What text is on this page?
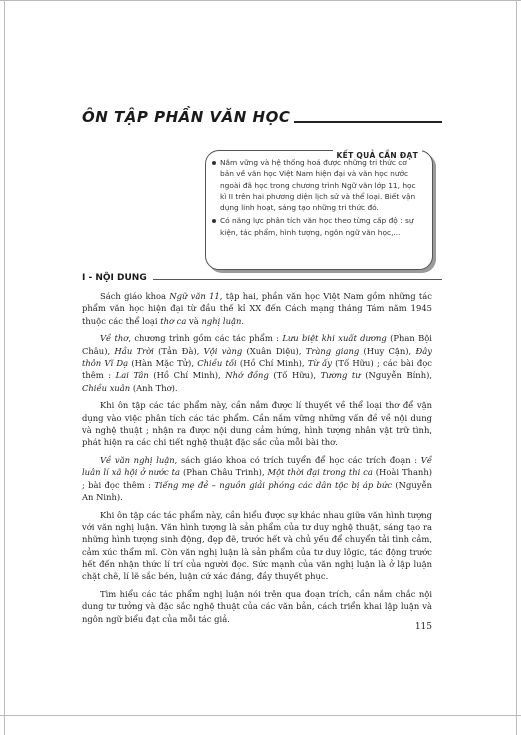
ÔN TẬP PHẦN VĂN HỌC
KẾT QUẢ CẦN ĐẠT
Nắm vững và hệ thống hoá được những tri thức cơ bản về văn học Việt Nam hiện đại và văn học nước ngoài đã học trong chương trình Ngữ văn lớp 11, học kì II trên hai phương diện lịch sử và thể loại. Biết vận dụng linh hoạt, sáng tạo những tri thức đó.
Có năng lực phân tích văn học theo từng cấp độ : sự kiện, tác phẩm, hình tượng, ngôn ngữ văn học,...
I - NỘI DUNG

Sách giáo khoa Ngữ văn 11, tập hai, phần văn học Việt Nam gồm những tác phẩm văn học hiện đại từ đầu thế kỉ XX đến Cách mạng tháng Tám năm 1945 thuộc các thể loại thơ ca và nghị luận.

Về thơ, chương trình gồm các tác phẩm : Lưu biệt khi xuất dương (Phan Bội Châu), Hầu Trời (Tản Đà), Vội vàng (Xuân Diệu), Tràng giang (Huy Cận), Đây thôn Vĩ Dạ (Hàn Mặc Tử), Chiều tối (Hồ Chí Minh), Từ ấy (Tố Hữu) ; các bài đọc thêm : Lai Tân (Hồ Chí Minh), Nhớ đồng (Tố Hữu), Tương tư (Nguyễn Bính), Chiều xuân (Anh Thơ).

Khi ôn tập các tác phẩm này, cần nắm được lí thuyết về thể loại thơ để vận dụng vào việc phân tích các tác phẩm. Cần nắm vững những vấn đề về nội dung và nghệ thuật ; nhận ra được nội dung cảm hứng, hình tượng nhân vật trữ tình, phát hiện ra các chi tiết nghệ thuật đặc sắc của mỗi bài thơ.

Về văn nghị luận, sách giáo khoa có trích tuyển để học các trích đoạn : Về luân lí xã hội ở nước ta (Phan Châu Trinh), Một thời đại trong thi ca (Hoài Thanh) ; bài đọc thêm : Tiếng mẹ đẻ – nguồn giải phóng các dân tộc bị áp bức (Nguyễn An Ninh).

Khi ôn tập các tác phẩm này, cần hiểu được sự khác nhau giữa văn hình tượng với văn nghị luận. Văn hình tượng là sản phẩm của tư duy nghệ thuật, sáng tạo ra những hình tượng sinh động, đẹp đẽ, trước hết và chủ yếu để chuyển tải tình cảm, cảm xúc thẩm mĩ. Còn văn nghị luận là sản phẩm của tư duy lôgic, tác động trước hết đến nhận thức lí trí của người đọc. Sức mạnh của văn nghị luận là ở lập luận chặt chẽ, lí lẽ sắc bén, luận cứ xác đáng, đầy thuyết phục.

Tìm hiểu các tác phẩm nghị luận nói trên qua đoạn trích, cần nắm chắc nội dung tư tưởng và đặc sắc nghệ thuật của các văn bản, cách triển khai lập luận và ngôn ngữ biểu đạt của mỗi tác giả.

115
